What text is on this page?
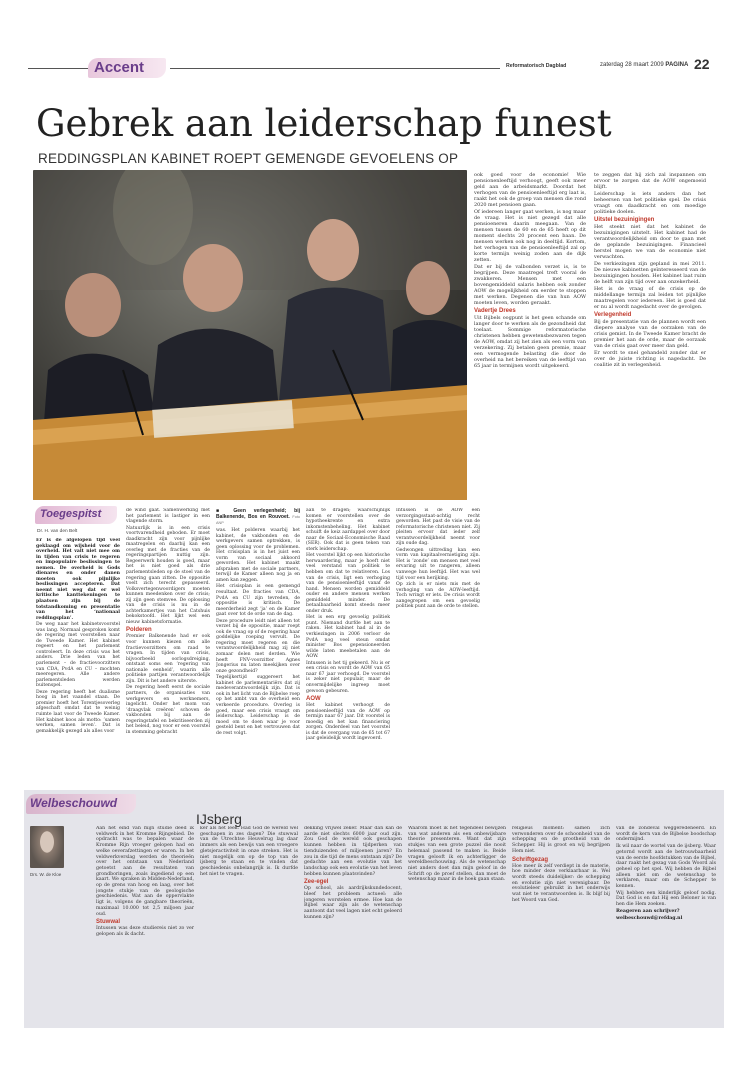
Accent	Reformatorisch Dagblad	zaterdag 28 maart 2009 PAGINA 22
Gebrek aan leiderschap funest
REDDINGSPLAN KABINET ROEPT GEMENGDE GEVOELENS OP
Toegespitst
Dr. H. van den Belt

Er is de afgelopen tijd veel geklaagd om wijsheid voor de overheid. Het valt niet mee om in tijden van crisis te regeren en impopulaire beslissingen te nemen. De overheid is Gods dienares en onder danen moeten ook pijnlijke beslissingen accepteren. Dat neemt niet weg dat er wel kritische kanttekeningen te plaatsen zijn bij de totstandkoming en presentatie van het ‘nationaal reddingsplan’.

De weg naar het kabinetsvoorstel was lang. Normaal gesproken komt de regering met voorstellen naar de Tweede Kamer. Het kabinet regeert en het parlement controleert. In deze crisis was het anders. Drie leden van het parlement – de fractievoorzitters van CDA, PvdA en CU – mochten meeregeren. Alle andere parlementsleden werden buitenspel.

Deze regering heeft het dualisme hoog in het vaandel staan. De premier hoeft het Torentjesoverleg afgeschaft omdat dat te weinig ruimte laat voor de Tweede Kamer. Het kabinet koos als motto: ‘samen werken, samen leven’. Dat is gemakkelijk gezegd als alles voor

de wind gaat. Samenwerking met het parlement is lastiger in een vlagende storm.

Natuurlijk is in een crisis voortvarendheid geboden. Er moet daadkracht zijn voor pijnlijke maatregelen en daarbij kan een overleg met de fracties van de regeringspartijen nuttig zijn. Regeerwerk houden is goed, maar het is niet goed als drie parlementsleden op de stoel van de regering gaan zitten. De oppositie voelt zich terecht gepasseerd. Volksvertegenwoordigers moeten kunnen meedenken over de crisis; zij zijn geen stemvee. De oplossing van de crisis is nu in de achterkamertjes van het Catshuis bekokstoofd. Het lijkt wel een nieuw kabinetsformatie.

Polderen

Premier Balkenende had er ook voor kunnen kiezen om alle fractievoorzitters om raad te vragen. In tijden van crisis, bijvoorbeeld oorlogsdreiging, ontstaat soms een ‘regering van nationale eenheid’, waarin alle politieke partijen verantwoordelijk zijn. Dit is het andere uiterste.

De regering heeft eerst de sociale partners, de organisaties van werkgevers en werknemers, ingelicht. Onder het mom van ‘draagvlak creëren’ schoven de vakbonden bij aan de regeringstafel en bekritiseerden zij het beleid, nog voor er een voorstel in stemming gebracht

■ Geen verlegenheid; bij Balkenende, Bos en Rouvoet. Foto ANP

was. Het polderen waarbij het kabinet, de vakbonden en de werkgevers samen optrekken, is geen oplossing voor de problemen. Het crisisplan is in het juist een vorm van sociaal akkoord geworden. Het kabinet maakt afspraken met de sociale partners, terwijl de Kamer alleen nog ja en amen kan zeggen.

Het crisisplan is een gemengd resultaat. De fracties van CDA, PvdA en CU zijn tevreden, de oppositie is kritisch. De meerderheid zegt ‘ja’ en de Kamer gaat over tot de orde van de dag.

Deze procedure leidt niet alleen tot verzet bij de oppositie, maar roept ook de vraag op of de regering haar goddelijke roeping vervult. De regering moet regeren en die verantwoordelijkheid mag zij niet zomaar delen met derden. Wie heeft FNV-voorzitter Agnes Jongerius nu laten meekijken over onze gezondheid?

Tegelijkertijd suggereert het kabinet de parlementariërs dat zij medeverantwoordelijk zijn. Dat is ook in het licht van de Bijbelse roep op het ambt van de overheid een verkeerde procedure. Overleg is goed, maar een crisis vraagt om leiderschap. Leiderschap is de moed om te doen waar je voor gesteld bent en het vertrouwen dat de rest volgt.

aan te dragen; waarschijnlijk komen er voorstellen over de hypotheekrente en extra inkomstenbeheling. Het kabinet schuift de keiz aardappel over door naar de Sociaal-Economische Raad (SER). Ook dat is geen teken van sterk leiderschap.

Het voorstel lijkt op een historische herwaardering, maar je hoeft niet veel verstand van politiek te hebben om dat te relativeren. Los van de crisis, ligt een verhoging van de pensioenleeftijd vanaf de hand. Mensen worden gemiddeld ouder en andere mensen werken gemiddeld minder. De betaalbaarheid komt steeds meer onder druk.

Het is een erg gevoelig politiek punt. Niemand durfde het aan te raken. Het kabinet had al in de verkiezingen in 2006 verloor de PvdA nog veel steun omdat minister Bos gepensioneerden wilde laten meebetalen aan de AOW.

Intussen is het tij gekeerd. Nu is er een crisis en wordt de AOW van 65 naar 67 jaar verhoogd. De voorstel is zeker niet populair, maar de onvermijdelijke ingreep moet gewoon gebeuren.

AOW

Het kabinet verhoogt de pensioenleeftijd van de AOW op termijn naar 67 jaar. Dit voorstel is moedig en het kan financiering zorgen. Onderdeel van het voorstel is dat de overgang van de 65 tot 67 jaar geleidelijk wordt ingevoerd.

Intussen is de AOW een verzorgingsstaat-achtig recht geworden. Het past de visie van de reformatorische christenen niet. Zij pleiten ervoor dat ieder zelf verantwoordelijkheid neemt voor zijn oude dag.

Gedwongen uittreding kan een vorm van kapitaalvernietiging zijn. Het is ‘zonde’ om mensen met veel ervaring uit te rangeren, alleen vanwege hun leeftijd. Het was wel tijd voor een herijking.

Op zich is er niets mis met de verhoging van de AOW-leeftijd. Toch wringt er iets. De crisis wordt aangegrepen om een gevoelig politiek punt aan de orde te stellen.

ook goed voor de economie! Wie pensionenleeftijd verhoogt, geeft ook meer geld aan de arbeidsmarkt. Doordat het verhogen van de pensioenleeftijd erg laat is, raakt het ook de groep van mensen die rond 2020 met pensioen gaan.

Of iedereen langer gaat werken, is nog maar de vraag. Het is niet gezegd dat alle pensioeneren daarin meegaan. Van de mensen tussen de 60 en de 65 heeft op dit moment slechts 20 procent een baan. De mensen werken ook nog in deeltijd. Kortom, het verhogen van de pensioenleeftijd zal op korte termijn weinig zoden aan de dijk zetten.

Dat er bij de valbonden verzet is, is te begrijpen. Deze maatregel treft vooral de zwakkeren. Mensen met een bovengemiddeld salaris hebben ook zonder AOW de mogelijkheid om eerder te stoppen met werken. Degenen die van hun AOW moeten leven, worden geraakt.

Vadertje Drees

Uit Bijbels oogpunt is het geen schande om langer door te werken als de gezondheid dat toelaat. Sommige reformatorische christenen hebben gewetensbezwaren tegen de AOW, omdat zij het zien als een vorm van verzekering. Zij betalen geen premie, maar een vermogende belasting die door de overheid na het bereiken van de leeftijd van 65 jaar in termijnen wordt uitgekeerd.

te zeggen dat hij zich zal inspannen om ervoor te zorgen dat de AOW ongemoeid blijft.

Leiderschap is iets anders dan het beheersen van het politieke spel. De crisis vraagt om daadkracht en om moedige politieke doelen.

Uitstel bezuinigingen

Het steekt niet dat het kabinet de bezuinigingen uitstelt. Het kabinet had de verantwoordelijkheid om door te gaan met de geplande bezuinigingen. Financieel herstel mogen we van de economie niet verwachten.

De verkiezingen zijn gepland in mei 2011. De nieuwe kabinetten geïnteresseerd van de bezuinigingen houden. Het kabinet laat ruim de helft van zijn tijd over aan onzekerheid.

Het is de vraag of de crisis op de middellange termijn zal leiden tot pijnlijke maatregelen voor iedereen. Het is goed dat er nu al wordt nagedacht over de gevolgen.

Verlegenheid

Bij de presentatie van de plannen wordt een diepere analyse van de oorzaken van de crisis gemist. In de Tweede Kamer bracht de premier het aan de orde, maar de oorzaak van de crisis gaat over meer dan geld.

Er wordt te snel gehandeld zonder dat er over de juiste richting is nagedacht. De coalitie zit in verlegenheid.

Welbeschouwd
IJsberg
Drs. W. de Kloe

Aan het eind van mijn studie deed ik veldwerk in het Kromme Rijngebied. De opdracht was te bepalen waar de Kromme Rijn vroeger gelopen had en welke oeverafzettingen er waren. In het veldwerkverslag werden de theorieën over het ontstaan van Nederland getoetst aan de resultaten van grondboringen, zoals ingediend op een kaart. We spraken in Midden-Nederland, op de grens van hoog en laag, over het jongste stukje van de geologische geschiedenis. Wat aan de oppervlakte ligt is, volgens de gangbare theorieën, maximaal 10.000 tot 2,5 miljoen jaar oud.

Stuwwal

Intussen was deze studiereis niet zo ver gelopen als ik dacht.

ker als het leek. Had God de wereld wel geschapen in zes dagen? Die stuwwal van de Utrechtse Heuvelrug lag daar immers als een bewijs van een vroegere gletsjeractiviteit in onze streken. Het is niet mogelijk om op de top van de ijsberg te staan en te vinden dat geschiedenis onbelangrijk is. Ik durfde het niet te vragen.

dekking vrijwel zeker. Maar dan kan de aarde niet slechts 6000 jaar oud zijn. Zou God de wereld ook geschapen kunnen hebben in tijdperken van tienduizenden of miljoenen jaren? En zou in die tijd de mens ontstaan zijn? De gedachte aan een evolutie van het landschap ook een evolutie van het leven hebben kunnen plaatsvinden?

Zee-egel

Op school, als aardrijkskundedocent, bleef het probleem actueel: alle jongeren worstelen ermee. Hoe kan de Bijbel waar zijn als de wetenschap aantoont dat veel lagen niet echt geleerd kunnen zijn?

Waarom moet ik het tegendeel bewijzen van wat anderen als een onbewijsbare theorie presenteren. Want dat zijn stukjes van een grote puzzel die nooit helemaal passend te maken is. Beide vragen gelooft ik en achterligger de wereldbeschouwing. Als de wetenschap niet anders doet dan mijn geloof in de Schrift op de proef stellen, dan moet de wetenschap maar in de hoek gaan staan.

religieus moment: samen zich verwonderen over de schoonheid van de schepping en de grootheid van de Schepper. Hij is groot en wij begrijpen Hem niet.

Schriftgezag

Hoe meer ik zelf verdiept in de materie, hoe minder deze verklaarbaar is. Wel wordt steeds duidelijker: de schepping en evolutie zijn niet verenigbaar. De evolutieleer gebruikt in het onderwijs wat niet te verantwoorden is. Ik blijf bij het Woord van God.

van de zondeval weggeredeneerd. En wordt de kern van de Bijbelse boodschap ondermijnd.

Ik wil naar de wortel van de ijsberg. Waar getornd wordt aan de betrouwbaarheid van de eerste hoofdstukken van de Bijbel, daar raakt het gezag van Gods Woord als geheel op het spel. Wij hebben de Bijbel alleen niet om de wetenschap te verklaren, maar om de Schepper te kennen.

Wij hebben een kinderlijk geloof nodig. Dat God is en dat Hij een Beloner is van hen die Hem zoeken.

Reageren aan schrijver?

welbeschouwd@refdag.nl
